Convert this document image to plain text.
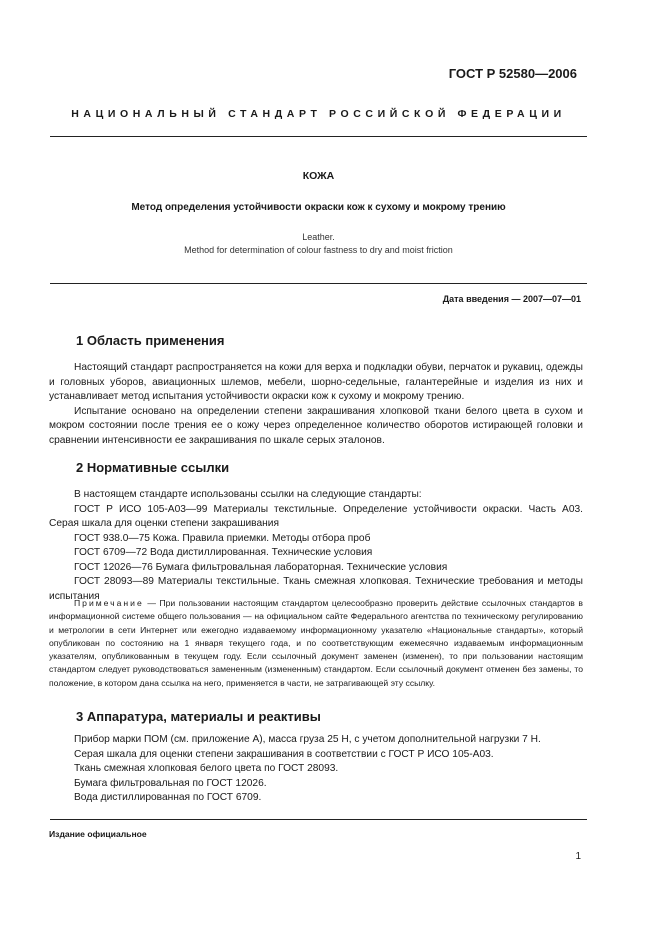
ГОСТ Р 52580—2006
НАЦИОНАЛЬНЫЙ СТАНДАРТ РОССИЙСКОЙ ФЕДЕРАЦИИ
КОЖА
Метод определения устойчивости окраски кож к сухому и мокрому трению
Leather.
Method for determination of colour fastness to dry and moist friction
Дата введения — 2007—07—01
1 Область применения

Настоящий стандарт распространяется на кожи для верха и подкладки обуви, перчаток и рукавиц, одежды и головных уборов, авиационных шлемов, мебели, шорно-седельные, галантерейные и изделия из них и устанавливает метод испытания устойчивости окраски кож к сухому и мокрому трению.

Испытание основано на определении степени закрашивания хлопковой ткани белого цвета в сухом и мокром состоянии после трения ее о кожу через определенное количество оборотов истирающей головки и сравнении интенсивности ее закрашивания по шкале серых эталонов.

2 Нормативные ссылки

В настоящем стандарте использованы ссылки на следующие стандарты:

ГОСТ Р ИСО 105-А03—99 Материалы текстильные. Определение устойчивости окраски. Часть А03. Серая шкала для оценки степени закрашивания

ГОСТ 938.0—75 Кожа. Правила приемки. Методы отбора проб

ГОСТ 6709—72 Вода дистиллированная. Технические условия

ГОСТ 12026—76 Бумага фильтровальная лабораторная. Технические условия

ГОСТ 28093—89 Материалы текстильные. Ткань смежная хлопковая. Технические требования и методы испытания

Примечание — При пользовании настоящим стандартом целесообразно проверить действие ссылочных стандартов в информационной системе общего пользования — на официальном сайте Федерального агентства по техническому регулированию и метрологии в сети Интернет или ежегодно издаваемому информационному указателю «Национальные стандарты», который опубликован по состоянию на 1 января текущего года, и по соответствующим ежемесячно издаваемым информационным указателям, опубликованным в текущем году. Если ссылочный документ заменен (изменен), то при пользовании настоящим стандартом следует руководствоваться замененным (измененным) стандартом. Если ссылочный документ отменен без замены, то положение, в котором дана ссылка на него, применяется в части, не затрагивающей эту ссылку.
3 Аппаратура, материалы и реактивы
Прибор марки ПОМ (см. приложение А), масса груза 25 Н, с учетом дополнительной нагрузки 7 Н.
Серая шкала для оценки степени закрашивания в соответствии с ГОСТ Р ИСО 105-А03.
Ткань смежная хлопковая белого цвета по ГОСТ 28093.
Бумага фильтровальная по ГОСТ 12026.
Вода дистиллированная по ГОСТ 6709.
Издание официальное
1
